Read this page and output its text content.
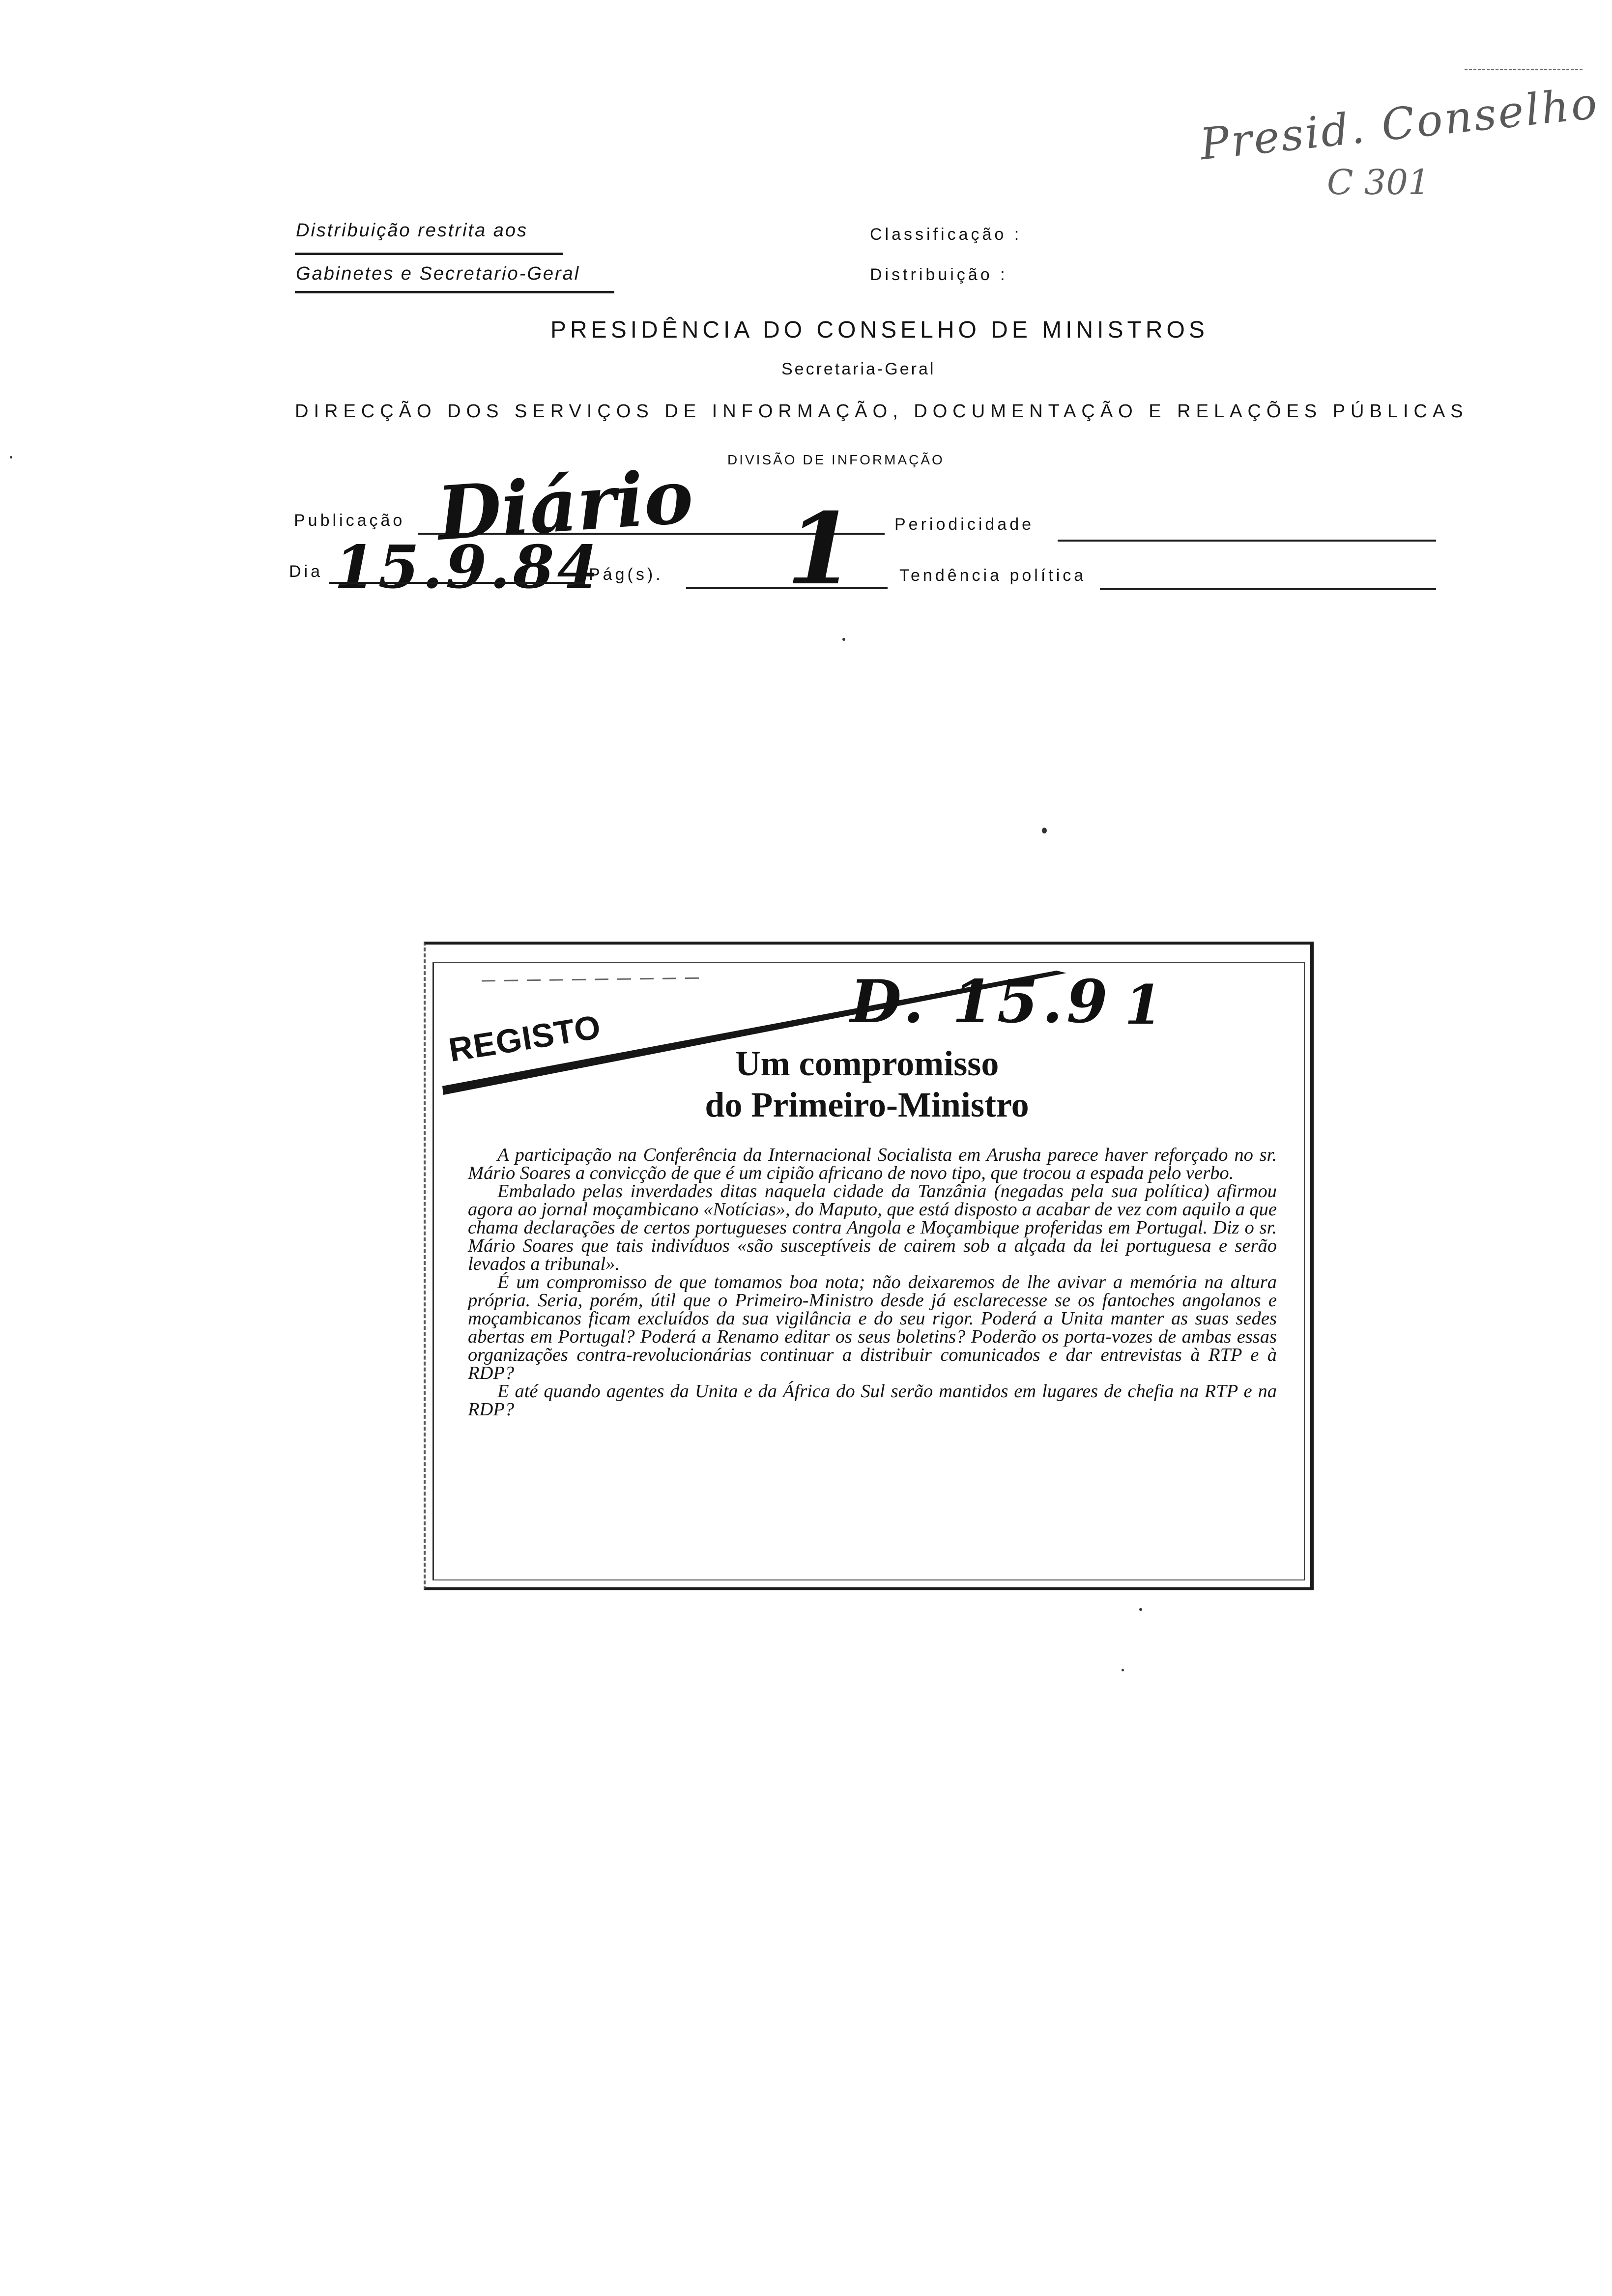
Presid. Conselho
C 301
Distribuição restrita aos
Gabinetes e Secretario-Geral
Classificação :
Distribuição :
PRESIDÊNCIA DO CONSELHO DE MINISTROS
Secretaria-Geral
DIRECÇÃO DOS SERVIÇOS DE INFORMAÇÃO, DOCUMENTAÇÃO E RELAÇÕES PÚBLICAS
DIVISÃO DE INFORMAÇÃO
Publicação Diário	Periodicidade
Dia 15.9.84
Pág(s). 1	Tendência política
REGISTO
D. 15.9 1
Um compromisso
do Primeiro-Ministro

A participação na Conferência da Internacional Socialista em Arusha parece haver reforçado no sr. Mário Soares a convicção de que é um cipião africano de novo tipo, que trocou a espada pelo verbo.

Embalado pelas inverdades ditas naquela cidade da Tanzânia (negadas pela sua política) afirmou agora ao jornal moçambicano «Notícias», do Maputo, que está disposto a acabar de vez com aquilo a que chama declarações de certos portugueses contra Angola e Moçambique proferidas em Portugal. Diz o sr. Mário Soares que tais indivíduos «são susceptíveis de cairem sob a alçada da lei portuguesa e serão levados a tribunal».

É um compromisso de que tomamos boa nota; não deixaremos de lhe avivar a memória na altura própria. Seria, porém, útil que o Primeiro-Ministro desde já esclarecesse se os fantoches angolanos e moçambicanos ficam excluídos da sua vigilância e do seu rigor. Poderá a Unita manter as suas sedes abertas em Portugal? Poderá a Renamo editar os seus boletins? Poderão os porta-vozes de ambas essas organizações contra-revolucionárias continuar a distribuir comunicados e dar entrevistas à RTP e à RDP?

E até quando agentes da Unita e da África do Sul serão mantidos em lugares de chefia na RTP e na RDP?
